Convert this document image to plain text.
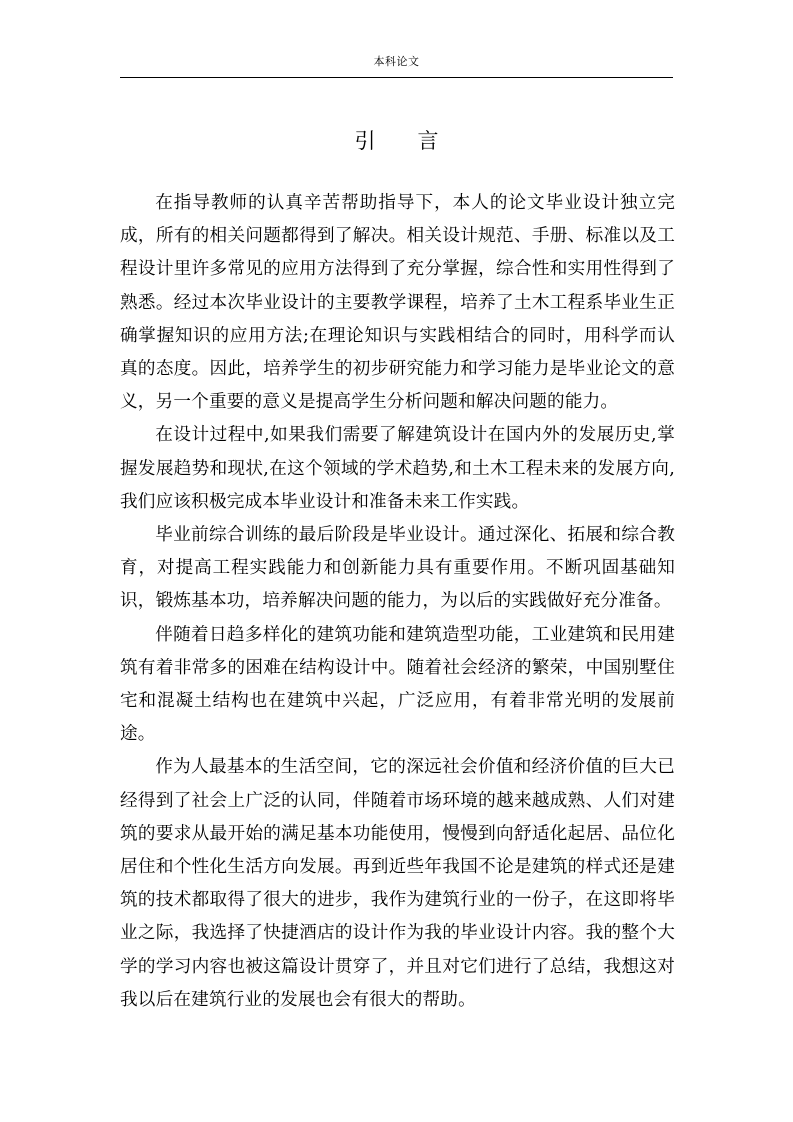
本科论文
引言

在指导教师的认真辛苦帮助指导下，本人的论文毕业设计独立完成，所有的相关问题都得到了解决。相关设计规范、手册、标准以及工程设计里许多常见的应用方法得到了充分掌握，综合性和实用性得到了熟悉。经过本次毕业设计的主要教学课程，培养了土木工程系毕业生正确掌握知识的应用方法;在理论知识与实践相结合的同时，用科学而认真的态度。因此，培养学生的初步研究能力和学习能力是毕业论文的意义，另一个重要的意义是提高学生分析问题和解决问题的能力。

在设计过程中,如果我们需要了解建筑设计在国内外的发展历史,掌握发展趋势和现状,在这个领域的学术趋势,和土木工程未来的发展方向,我们应该积极完成本毕业设计和准备未来工作实践。

毕业前综合训练的最后阶段是毕业设计。通过深化、拓展和综合教育，对提高工程实践能力和创新能力具有重要作用。不断巩固基础知识，锻炼基本功，培养解决问题的能力，为以后的实践做好充分准备。

伴随着日趋多样化的建筑功能和建筑造型功能，工业建筑和民用建筑有着非常多的困难在结构设计中。随着社会经济的繁荣，中国别墅住宅和混凝土结构也在建筑中兴起，广泛应用，有着非常光明的发展前途。

作为人最基本的生活空间，它的深远社会价值和经济价值的巨大已经得到了社会上广泛的认同，伴随着市场环境的越来越成熟、人们对建筑的要求从最开始的满足基本功能使用，慢慢到向舒适化起居、品位化居住和个性化生活方向发展。再到近些年我国不论是建筑的样式还是建筑的技术都取得了很大的进步，我作为建筑行业的一份子，在这即将毕业之际，我选择了快捷酒店的设计作为我的毕业设计内容。我的整个大学的学习内容也被这篇设计贯穿了，并且对它们进行了总结，我想这对我以后在建筑行业的发展也会有很大的帮助。
